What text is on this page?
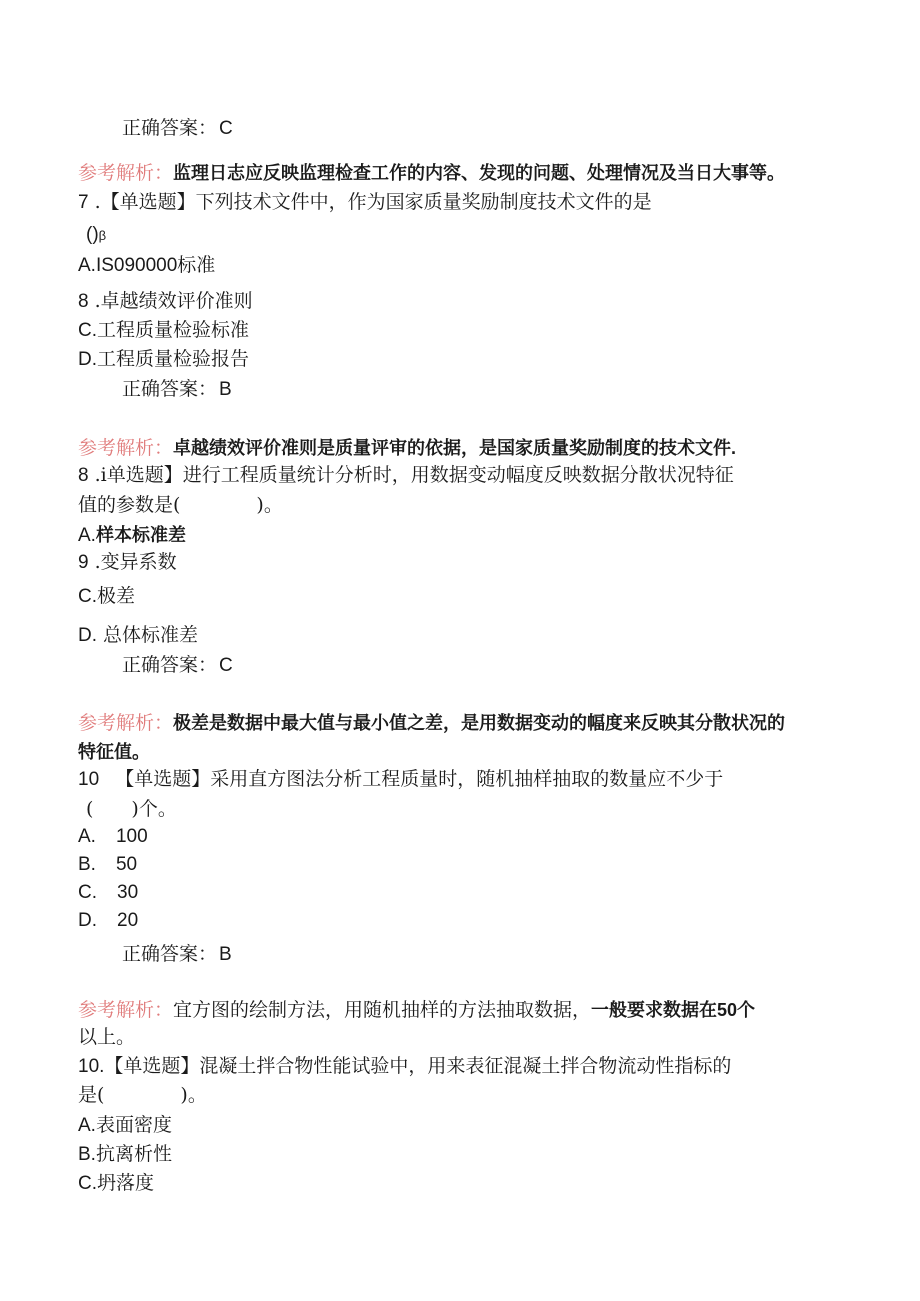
正确答案： C
参考解析：监理日志应反映监理检查工作的内容、发现的问题、处理情况及当日大事等。
7 .【单选题】下列技术文件中，作为国家质量奖励制度技术文件的是
()β
A.IS090000标准
8 .卓越绩效评价准则
C.工程质量检验标准
D.工程质量检验报告
正确答案： B
参考解析：卓越绩效评价准则是质量评审的依据，是国家质量奖励制度的技术文件.
8 .i单选题】进行工程质量统计分析时，用数据变动幅度反映数据分散状况特征
值的参数是(　　　　)。
A.样本标准差
9 .变异系数
C.极差
D. 总体标准差
正确答案： C
参考解析：极差是数据中最大值与最小值之差，是用数据变动的幅度来反映其分散状况的
特征值。
10 【单选题】采用直方图法分析工程质量时，随机抽样抽取的数量应不少于
(　　)个。
A. 100
B. 50
C. 30
D. 20
正确答案： B
参考解析：宜方图的绘制方法，用随机抽样的方法抽取数据，一般要求数据在50个
以上。
10.【单选题】混凝土拌合物性能试验中，用来表征混凝土拌合物流动性指标的
是(　　　　)。
A.表面密度
B.抗离析性
C.坍落度
